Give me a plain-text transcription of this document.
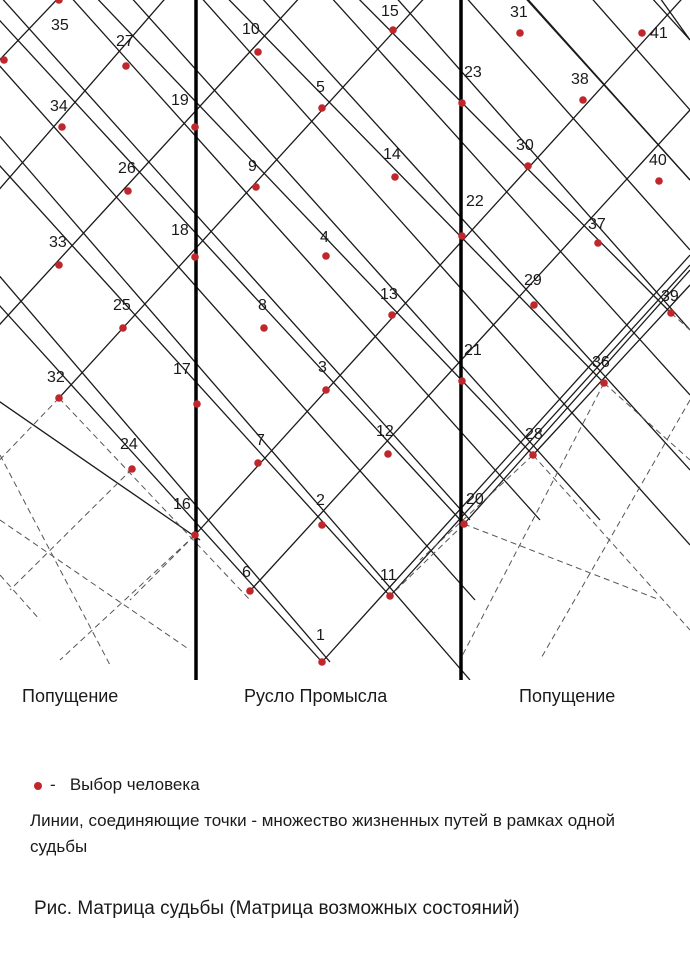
1
2
3
4
5
6
7
8
9
10
11
12
13
14
15
16
17
18
19
20
21
22
23
24
25
26
27
28
29
30
31
32
33
34
35
36
37
38
39
40
41
Попущение	Русло Промысла	Попущение
- Выбор человека
Линии, соединяющие точки - множество жизненных путей в рамках одной судьбы
Рис. Матрица судьбы (Матрица возможных состояний)
